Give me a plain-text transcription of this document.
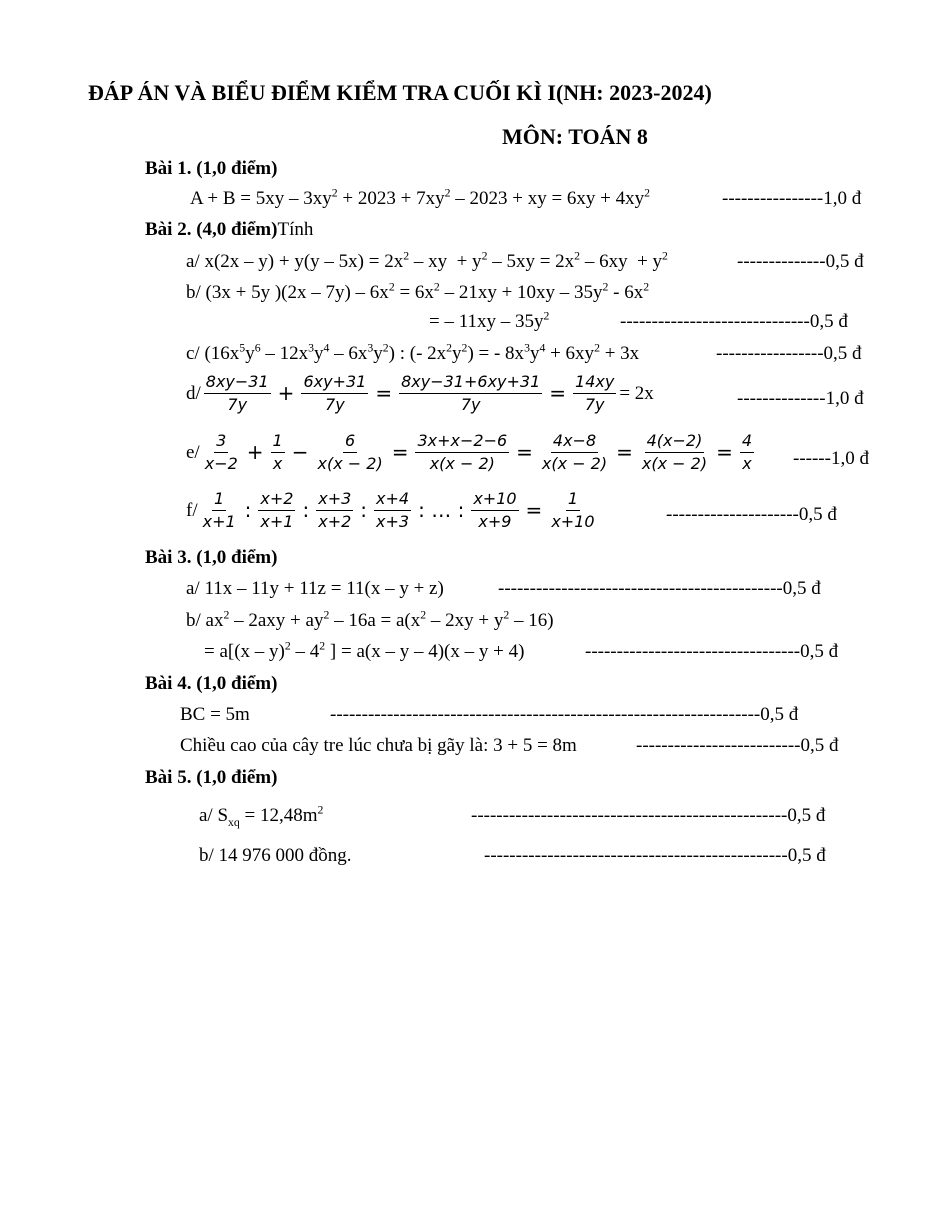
ĐÁP ÁN VÀ BIỂU ĐIỂM KIỂM TRA CUỐI KÌ I(NH: 2023-2024)
MÔN: TOÁN 8
Bài 1. (1,0 điểm)
$A + B = 5xy - 3xy^2 + 2023 + 7xy^2 - 2023$ + xy = $6xy + 4xy^2$	----------------1,0 đ
Bài 2. (4,0 điểm)Tính
a/ $x(2x - y) + y(y - 5x) = 2x^2$ – xy  + $y^2 - 5xy = 2x^2 - 6xy + y^2$	--------------0,5 đ
b/ (3x + 5y )$(2x - 7y) - 6x^2 = 6x^2 - 21xy + 10xy - 35y^2 - 6x^2$
= – $11xy - 35y^2$	------------------------------0,5 đ
c/ $(16x^5y^6 - 12x^3y^4 - 6x^3y^2)$ : (- $2x^2y^2$) = - $8x^3y^4 + 6xy^2 + 3x$	-----------------0,5 đ
$d/ \frac{8xy-31}{7y} + \frac{6xy+31}{7y} = \frac{8xy-31+6xy+31}{7y} = \frac{14xy}{7y} = 2x$	--------------1,0 đ
$e/ \frac{3}{x-2} + \frac{1}{x} - \frac{6}{x(x - 2)} = \frac{3x+x-2-6}{x(x - 2)} = \frac{4x-8}{x(x - 2)} = \frac{4(x-2)}{x(x - 2)} = \frac{4}{x} ------1,0$ đ
$f/ \frac{1}{x+1}$ : $\frac{x+2}{x+1}$ : $\frac{x+3}{x+2}$ : $\frac{x+4}{x+3}$ : … : $\frac{x+10}{x+9} = \frac{1}{x+10}$	---------------------0,5 đ
Bài 3. (1,0 điểm)
a/ 11x – 11y + 11z = 11(x – y + z)	---------------------------------------------0,5 đ
b/ $ax^2 - 2axy + ay^2 - 16a = a(x^2 - 2xy + y^2 - 16)$
= $a[(x - y)^2 - 4^2$ ] = a(x – y – 4)(x – y + 4)	----------------------------------0,5 đ
Bài 4. (1,0 điểm)
BC = 5m	--------------------------------------------------------------------0,5 đ
Chiều cao của cây tre lúc chưa bị gãy là: 3 + 5 = 8m	--------------------------0,5 đ
Bài 5. (1,0 điểm)
a/ $S_{xq} = 12,48m^2$	--------------------------------------------------0,5 đ
b/ 14 976 000 đồng.	------------------------------------------------0,5 đ
